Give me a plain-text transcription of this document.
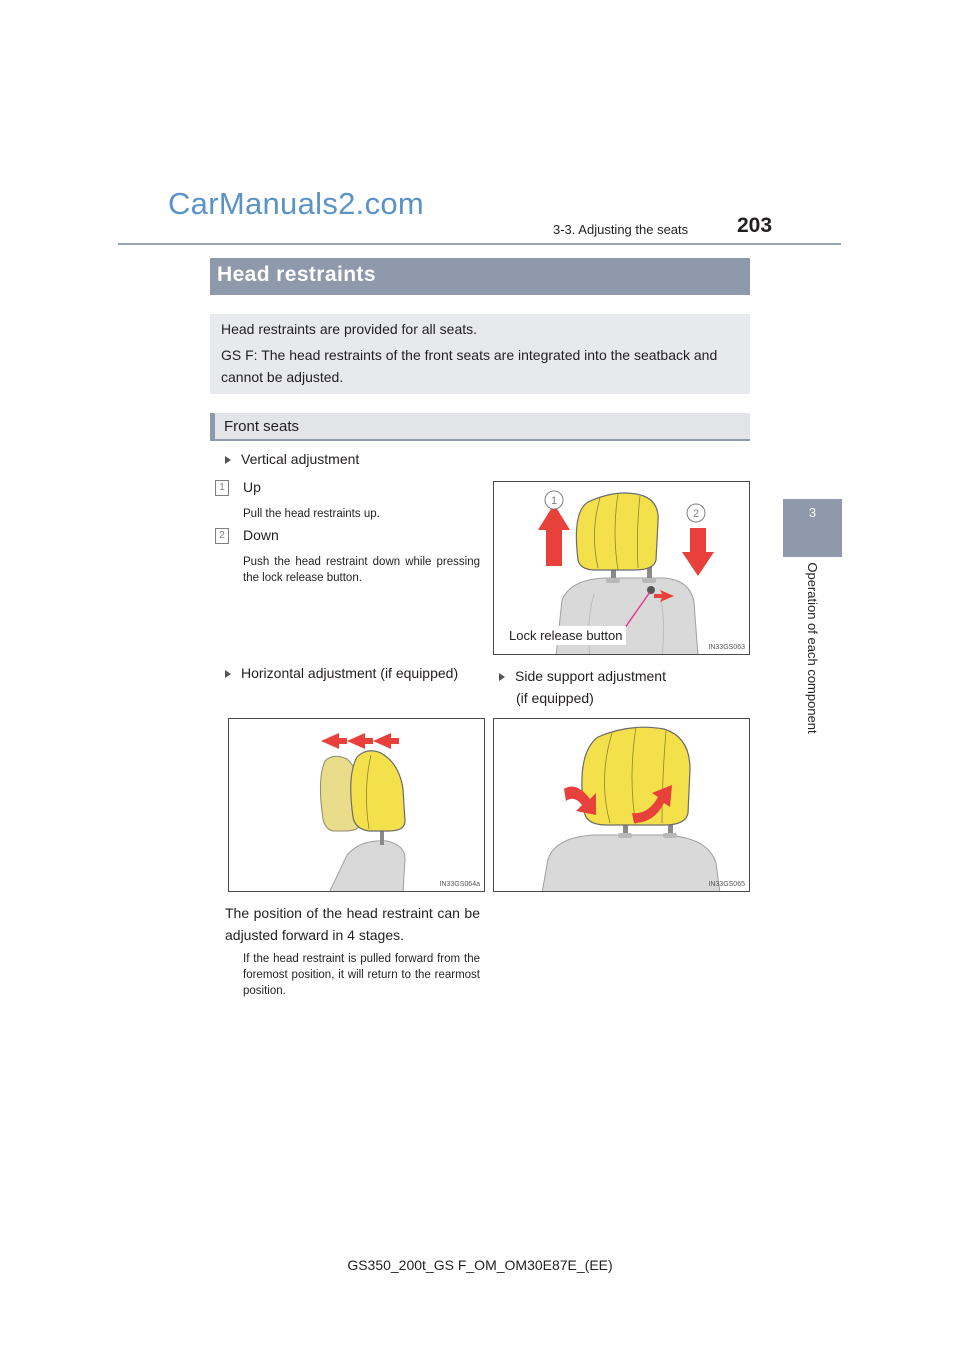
CarManuals2.com
3-3. Adjusting the seats 203
3
Operation of each component
Head restraints

Head restraints are provided for all seats.

GS F: The head restraints of the front seats are integrated into the seatback and cannot be adjusted.

Front seats
Vertical adjustment
1	Up
Pull the head restraints up.
2	Down
Push the head restraint down while pressing the lock release button.
1
2
Lock release button
IN33GS063
Horizontal adjustment (if equipped)	Side support adjustment
(if equipped)
IN33GS064a	IN33GS065
The position of the head restraint can be adjusted forward in 4 stages.
If the head restraint is pulled forward from the foremost position, it will return to the rearmost position.
GS350_200t_GS F_OM_OM30E87E_(EE)
